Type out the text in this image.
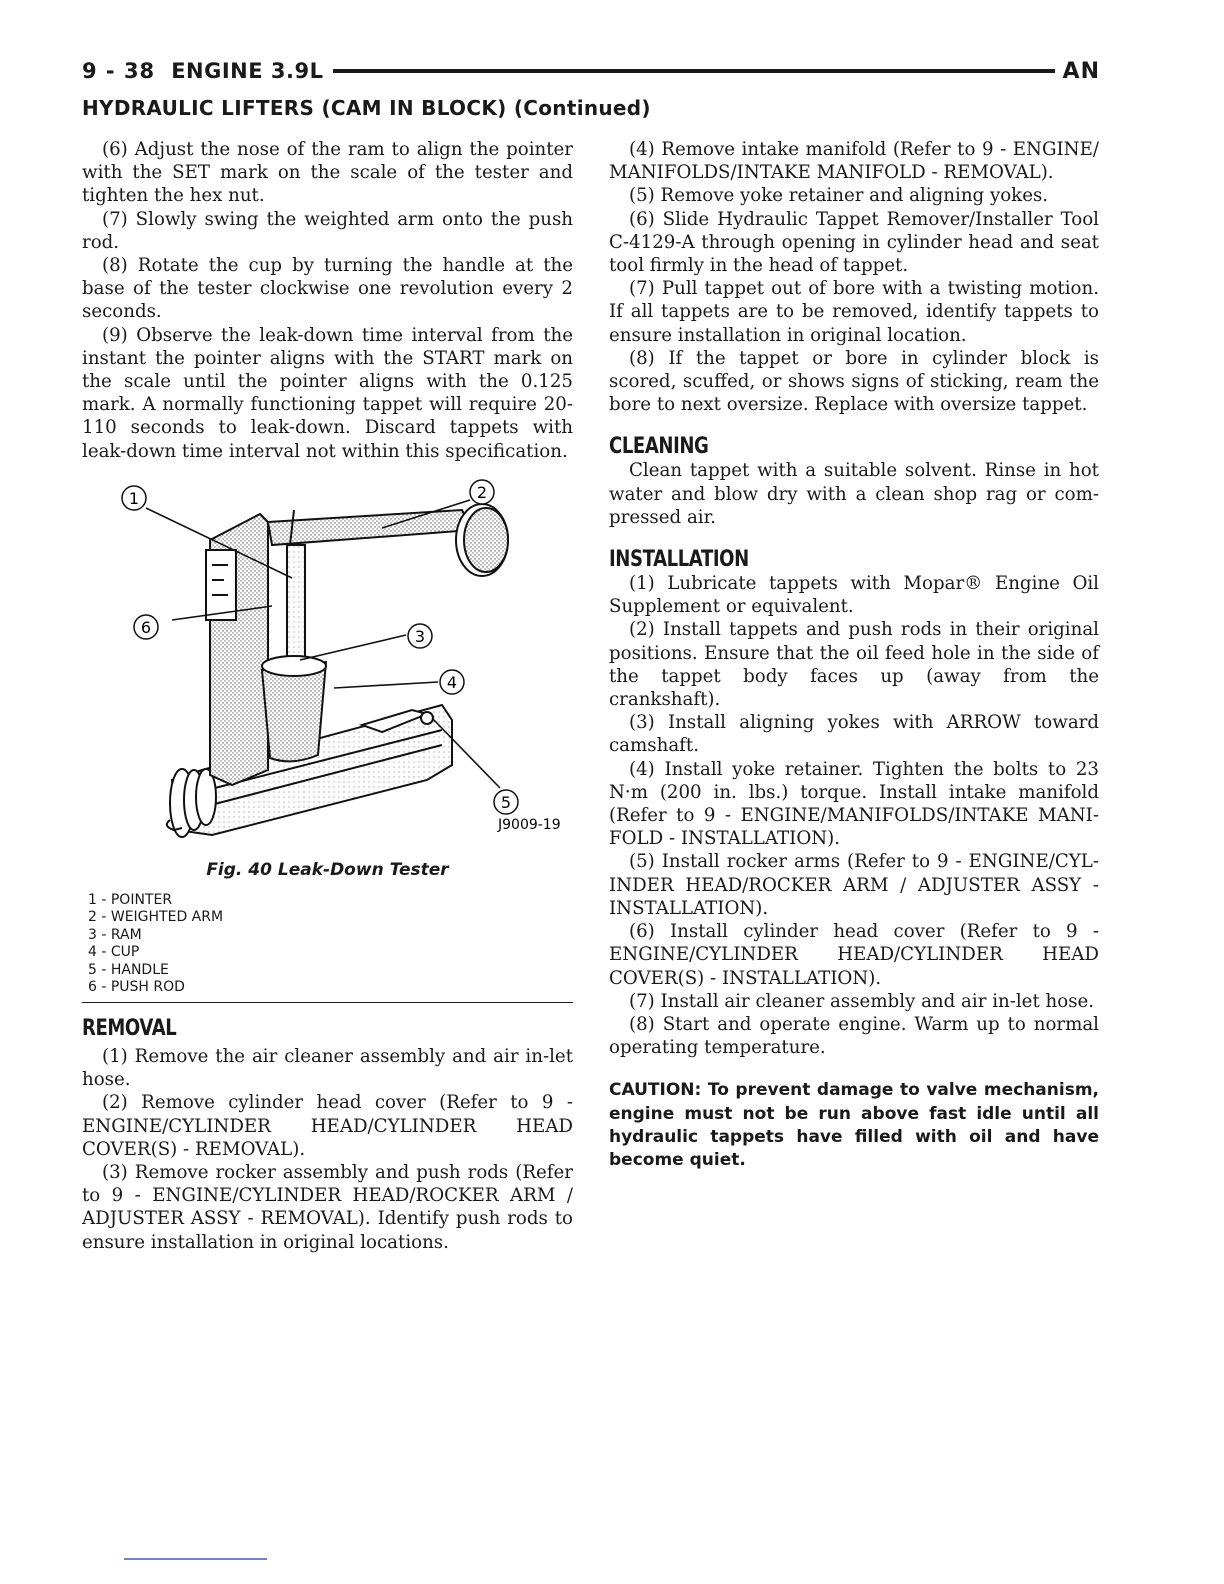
9 - 38 ENGINE 3.9L	AN
HYDRAULIC LIFTERS (CAM IN BLOCK) (Continued)

(6) Adjust the nose of the ram to align the pointer with the SET mark on the scale of the tester and tighten the hex nut.

(7) Slowly swing the weighted arm onto the push rod.

(8) Rotate the cup by turning the handle at the base of the tester clockwise one revolution every 2 seconds.

(9) Observe the leak-down time interval from the instant the pointer aligns with the START mark on the scale until the pointer aligns with the 0.125 mark. A normally functioning tappet will require 20-110 seconds to leak-down. Discard tappets with leak-down time interval not within this specification.

1	2
3
4
5
6
J9009-19
Fig. 40 Leak-Down Tester
1 - POINTER
2 - WEIGHTED ARM
3 - RAM
4 - CUP
5 - HANDLE
6 - PUSH ROD
REMOVAL

(1) Remove the air cleaner assembly and air in-let hose.

(2) Remove cylinder head cover (Refer to 9 - ENGINE/CYLINDER HEAD/CYLINDER HEAD COVER(S) - REMOVAL).

(3) Remove rocker assembly and push rods (Refer to 9 - ENGINE/CYLINDER HEAD/ROCKER ARM / ADJUSTER ASSY - REMOVAL). Identify push rods to ensure installation in original locations.

(4) Remove intake manifold (Refer to 9 - ENGINE/ MANIFOLDS/INTAKE MANIFOLD - REMOVAL).

(5) Remove yoke retainer and aligning yokes.

(6) Slide Hydraulic Tappet Remover/Installer Tool C-4129-A through opening in cylinder head and seat tool firmly in the head of tappet.

(7) Pull tappet out of bore with a twisting motion. If all tappets are to be removed, identify tappets to ensure installation in original location.

(8) If the tappet or bore in cylinder block is scored, scuffed, or shows signs of sticking, ream the bore to next oversize. Replace with oversize tappet.

CLEANING

Clean tappet with a suitable solvent. Rinse in hot water and blow dry with a clean shop rag or com-pressed air.

INSTALLATION

(1) Lubricate tappets with Mopar® Engine Oil Supplement or equivalent.

(2) Install tappets and push rods in their original positions. Ensure that the oil feed hole in the side of the tappet body faces up (away from the crankshaft).

(3) Install aligning yokes with ARROW toward camshaft.

(4) Install yoke retainer. Tighten the bolts to 23 N·m (200 in. lbs.) torque. Install intake manifold (Refer to 9 - ENGINE/MANIFOLDS/INTAKE MANI-FOLD - INSTALLATION).

(5) Install rocker arms (Refer to 9 - ENGINE/CYL-INDER HEAD/ROCKER ARM / ADJUSTER ASSY - INSTALLATION).

(6) Install cylinder head cover (Refer to 9 - ENGINE/CYLINDER HEAD/CYLINDER HEAD COVER(S) - INSTALLATION).

(7) Install air cleaner assembly and air in-let hose.

(8) Start and operate engine. Warm up to normal operating temperature.

CAUTION: To prevent damage to valve mechanism, engine must not be run above fast idle until all hydraulic tappets have filled with oil and have become quiet.
